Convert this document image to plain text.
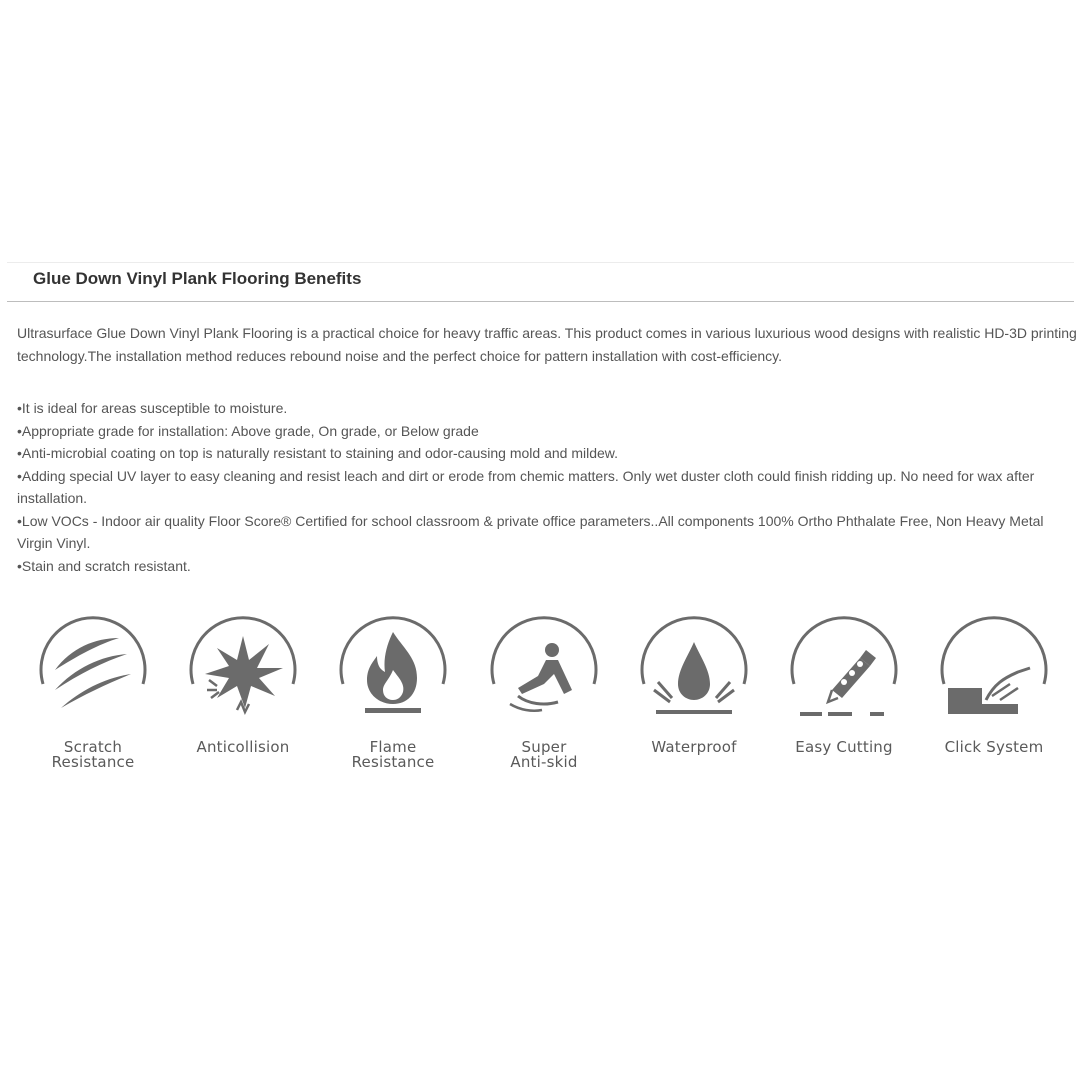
Glue Down Vinyl Plank Flooring Benefits

Ultrasurface Glue Down Vinyl Plank Flooring is a practical choice for heavy traffic areas. This product comes in various luxurious wood designs with realistic HD-3D printing technology.The installation method reduces rebound noise and the perfect choice for pattern installation with cost-efficiency.

•It is ideal for areas susceptible to moisture.
•Appropriate grade for installation: Above grade, On grade, or Below grade
•Anti-microbial coating on top is naturally resistant to staining and odor-causing mold and mildew.
•Adding special UV layer to easy cleaning and resist leach and dirt or erode from chemic matters. Only wet duster cloth could finish ridding up. No need for wax after installation.
•Low VOCs - Indoor air quality Floor Score® Certified for school classroom & private office parameters..All components 100% Ortho Phthalate Free, Non Heavy Metal Virgin Vinyl.
•Stain and scratch resistant.
Scratch
Resistance
Anticollision	Flame
Resistance
Super
Anti-skid
Waterproof	Easy Cutting	Click System
